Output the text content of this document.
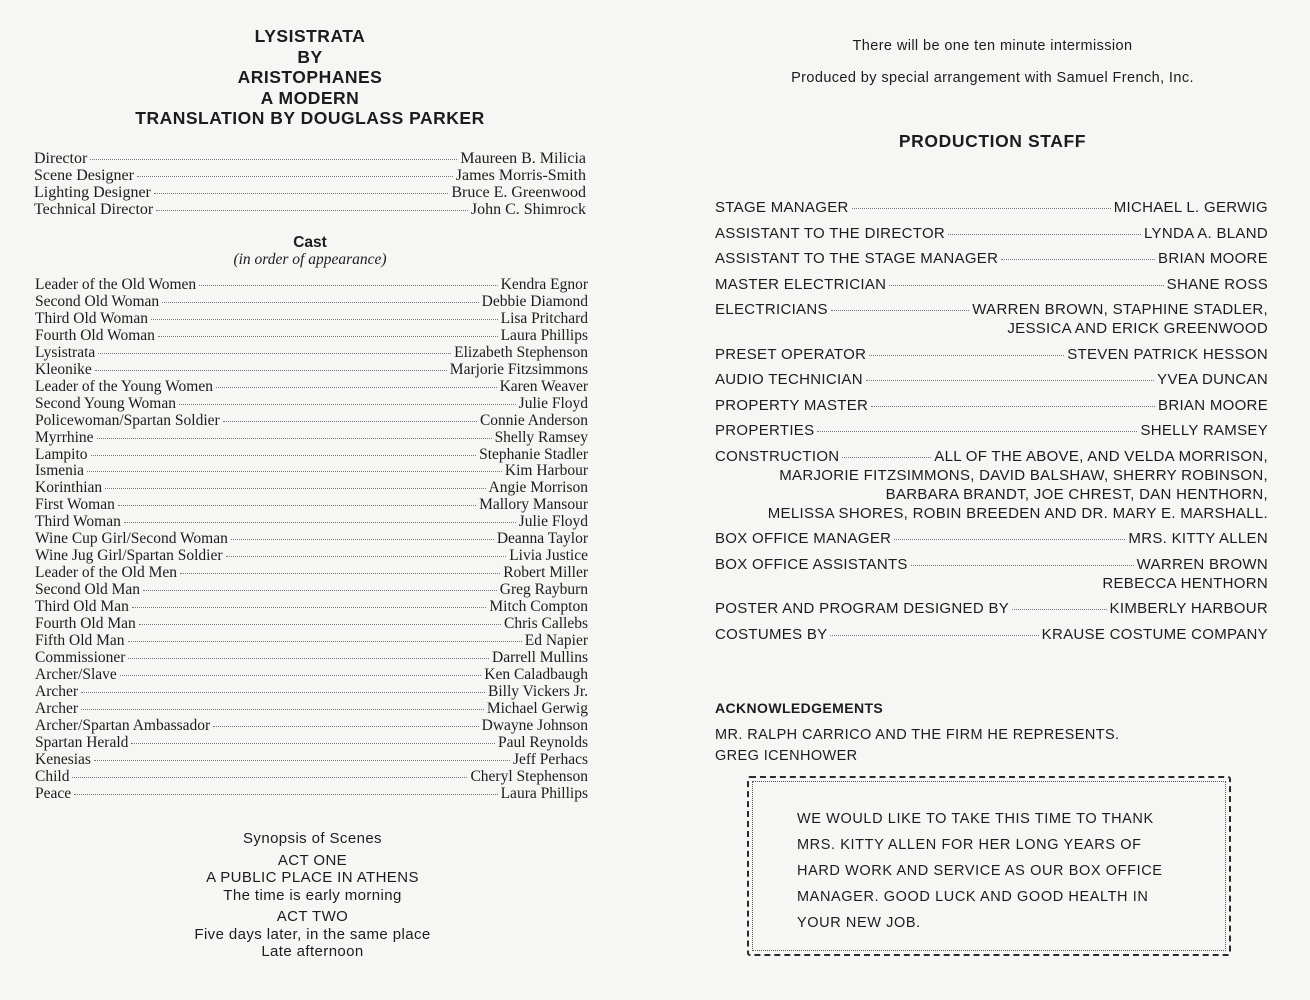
LYSISTRATA
BY
ARISTOPHANES
A MODERN
TRANSLATION BY DOUGLASS PARKER
Director	Maureen B. Milicia
Scene Designer	James Morris-Smith
Lighting Designer	Bruce E. Greenwood
Technical Director	John C. Shimrock
Cast
(in order of appearance)
Leader of the Old Women	Kendra Egnor
Second Old Woman	Debbie Diamond
Third Old Woman	Lisa Pritchard
Fourth Old Woman	Laura Phillips
Lysistrata	Elizabeth Stephenson
Kleonike	Marjorie Fitzsimmons
Leader of the Young Women	Karen Weaver
Second Young Woman	Julie Floyd
Policewoman/Spartan Soldier	Connie Anderson
Myrrhine	Shelly Ramsey
Lampito	Stephanie Stadler
Ismenia	Kim Harbour
Korinthian	Angie Morrison
First Woman	Mallory Mansour
Third Woman	Julie Floyd
Wine Cup Girl/Second Woman	Deanna Taylor
Wine Jug Girl/Spartan Soldier	Livia Justice
Leader of the Old Men	Robert Miller
Second Old Man	Greg Rayburn
Third Old Man	Mitch Compton
Fourth Old Man	Chris Callebs
Fifth Old Man	Ed Napier
Commissioner	Darrell Mullins
Archer/Slave	Ken Caladbaugh
Archer	Billy Vickers Jr.
Archer	Michael Gerwig
Archer/Spartan Ambassador	Dwayne Johnson
Spartan Herald	Paul Reynolds
Kenesias	Jeff Perhacs
Child	Cheryl Stephenson
Peace	Laura Phillips
Synopsis of Scenes
ACT ONE
A PUBLIC PLACE IN ATHENS
The time is early morning
ACT TWO
Five days later, in the same place
Late afternoon
There will be one ten minute intermission
Produced by special arrangement with Samuel French, Inc.
PRODUCTION STAFF
STAGE MANAGER	MICHAEL L. GERWIG
ASSISTANT TO THE DIRECTOR	LYNDA A. BLAND
ASSISTANT TO THE STAGE MANAGER	BRIAN MOORE
MASTER ELECTRICIAN	SHANE ROSS
ELECTRICIANS	WARREN BROWN, STAPHINE STADLER,
JESSICA AND ERICK GREENWOOD
PRESET OPERATOR	STEVEN PATRICK HESSON
AUDIO TECHNICIAN	YVEA DUNCAN
PROPERTY MASTER	BRIAN MOORE
PROPERTIES	SHELLY RAMSEY
CONSTRUCTION	ALL OF THE ABOVE, AND VELDA MORRISON,
MARJORIE FITZSIMMONS, DAVID BALSHAW, SHERRY ROBINSON,
BARBARA BRANDT, JOE CHREST, DAN HENTHORN,
MELISSA SHORES, ROBIN BREEDEN AND DR. MARY E. MARSHALL.
BOX OFFICE MANAGER	MRS. KITTY ALLEN
BOX OFFICE ASSISTANTS	WARREN BROWN
REBECCA HENTHORN
POSTER AND PROGRAM DESIGNED BY	KIMBERLY HARBOUR
COSTUMES BY	KRAUSE COSTUME COMPANY
ACKNOWLEDGEMENTS
MR. RALPH CARRICO AND THE FIRM HE REPRESENTS.
GREG ICENHOWER
WE WOULD LIKE TO TAKE THIS TIME TO THANK
MRS. KITTY ALLEN FOR HER LONG YEARS OF
HARD WORK AND SERVICE AS OUR BOX OFFICE
MANAGER. GOOD LUCK AND GOOD HEALTH IN
YOUR NEW JOB.
